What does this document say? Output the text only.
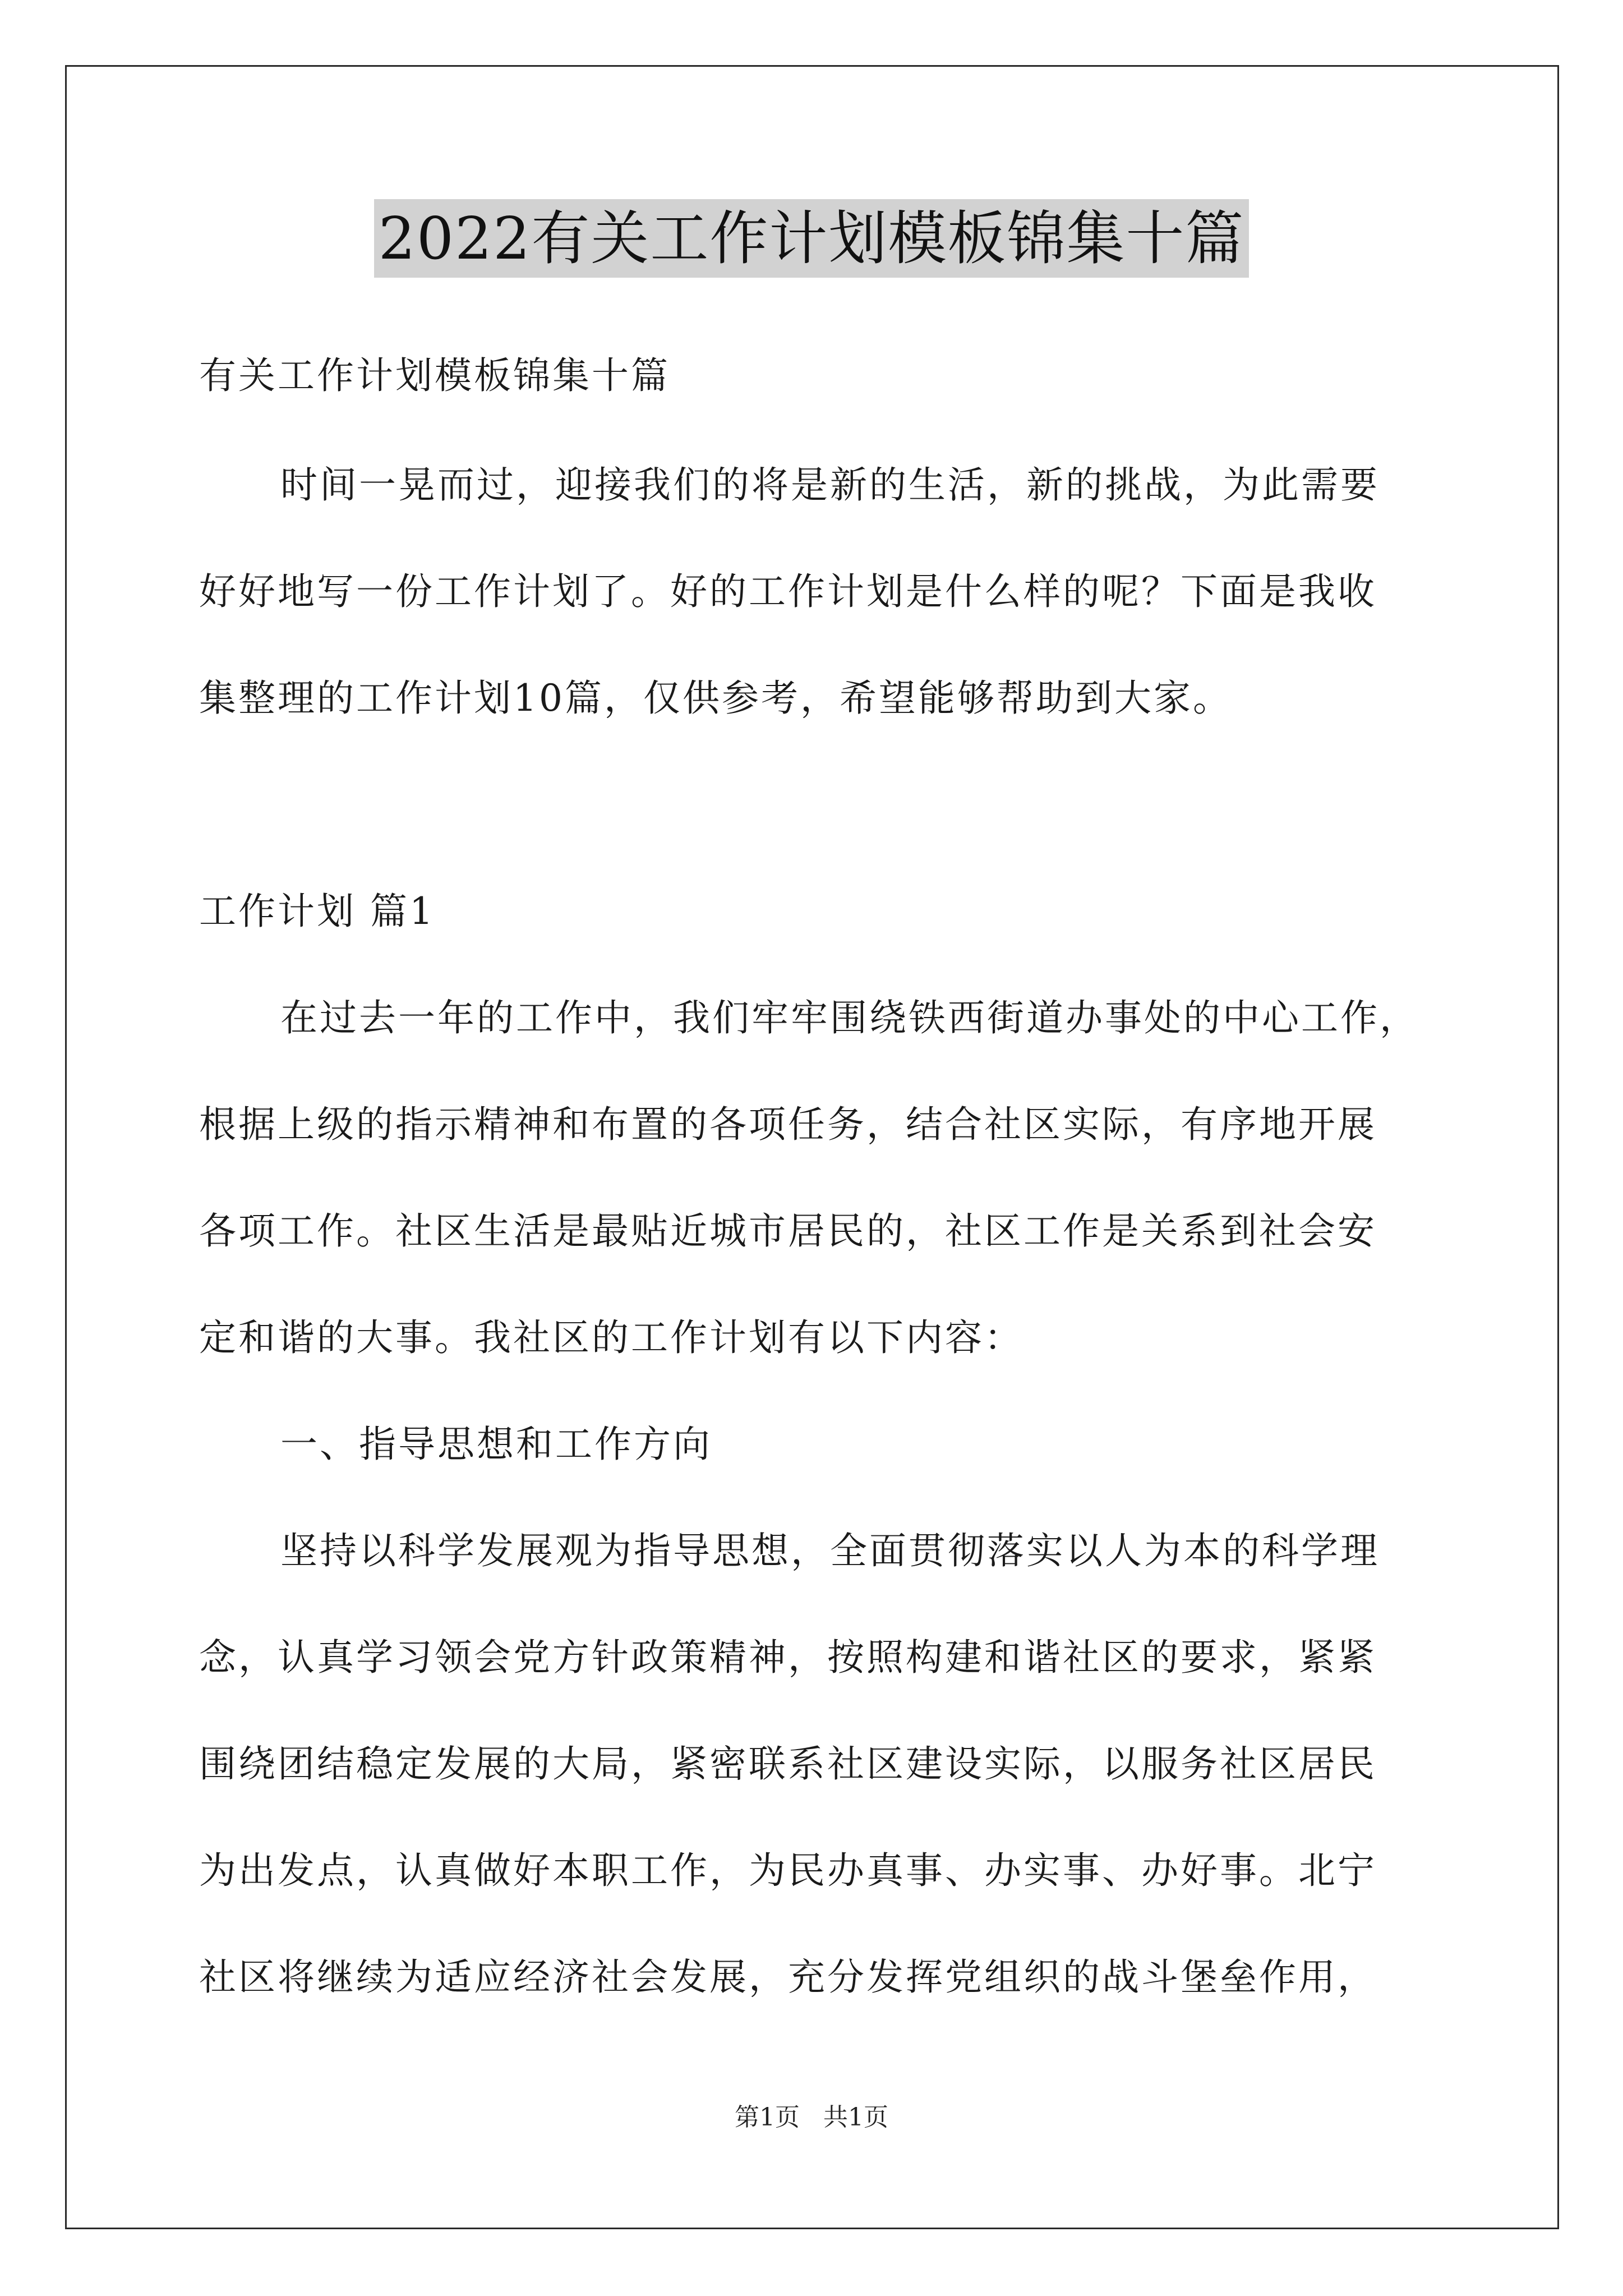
2022有关工作计划模板锦集十篇
有关工作计划模板锦集十篇
时间一晃而过，迎接我们的将是新的生活，新的挑战，为此需要
好好地写一份工作计划了。好的工作计划是什么样的呢？下面是我收
集整理的工作计划10篇，仅供参考，希望能够帮助到大家。
工作计划 篇1
在过去一年的工作中，我们牢牢围绕铁西街道办事处的中心工作，
根据上级的指示精神和布置的各项任务，结合社区实际，有序地开展
各项工作。社区生活是最贴近城市居民的，社区工作是关系到社会安
定和谐的大事。我社区的工作计划有以下内容：
一、指导思想和工作方向
坚持以科学发展观为指导思想，全面贯彻落实以人为本的科学理
念，认真学习领会党方针政策精神，按照构建和谐社区的要求，紧紧
围绕团结稳定发展的大局，紧密联系社区建设实际，以服务社区居民
为出发点，认真做好本职工作，为民办真事、办实事、办好事。北宁
社区将继续为适应经济社会发展，充分发挥党组织的战斗堡垒作用，
第1页 共1页
